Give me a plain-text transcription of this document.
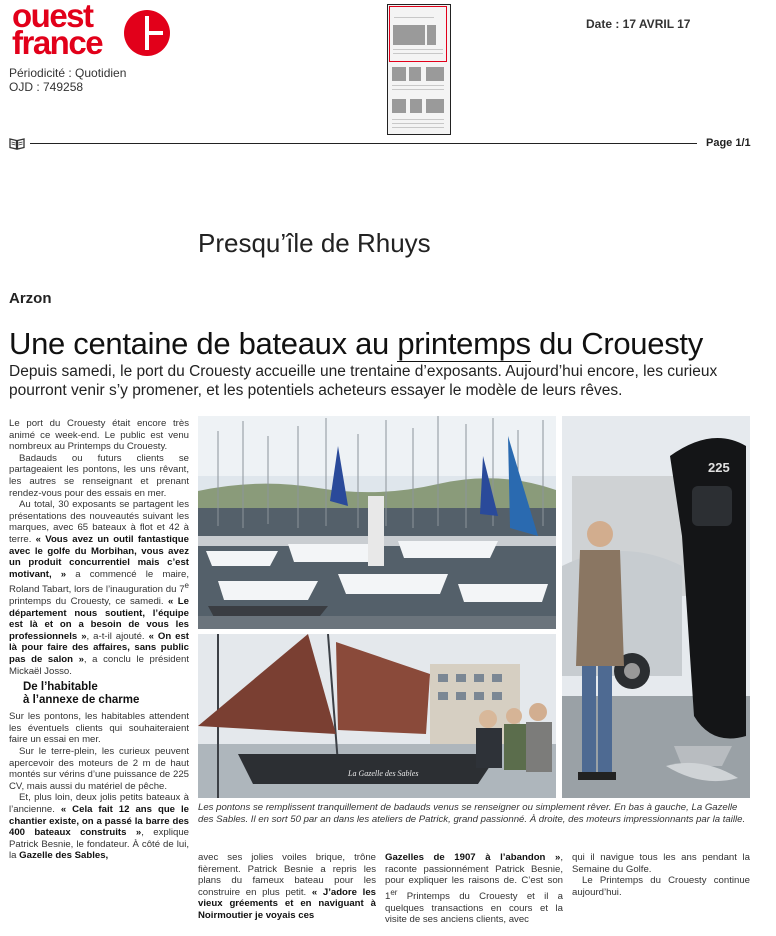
ouest
france
Périodicité : Quotidien
OJD : 749258
Date : 17 AVRIL 17
Page 1/1
Presqu’île de Rhuys
Arzon
Une centaine de bateaux au printemps du Crouesty
Depuis samedi, le port du Crouesty accueille une trentaine d’exposants. Aujourd’hui encore, les curieux pourront venir s’y promener, et les potentiels acheteurs essayer le modèle de leurs rêves.

Le port du Crouesty était encore très animé ce week-end. Le public est venu nombreux au Printemps du Crouesty.

Badauds ou futurs clients se partageaient les pontons, les uns rêvant, les autres se renseignant et prenant rendez-vous pour des essais en mer.

Au total, 30 exposants se partagent les présentations des nouveautés suivant les marques, avec 65 bateaux à flot et 42 à terre. « Vous avez un outil fantastique avec le golfe du Morbihan, vous avez un produit concurrentiel mais c’est motivant, » a commencé le maire, Roland Tabart, lors de l’inauguration du 7e printemps du Crouesty, ce samedi. « Le département nous soutient, l’équipe est là et on a besoin de vous les professionnels », a-t-il ajouté. « On est là pour faire des affaires, sans public pas de salon », a conclu le président Mickaël Josso.

De l’habitable
à l’annexe de charme

Sur les pontons, les habitables attendent les éventuels clients qui souhaiteraient faire un essai en mer.

Sur le terre-plein, les curieux peuvent apercevoir des moteurs de 2 m de haut montés sur vérins d’une puissance de 225 CV, mais aussi du matériel de pêche.

Et, plus loin, deux jolis petits bateaux à l’ancienne. « Cela fait 12 ans que le chantier existe, on a passé la barre des 400 bateaux construits », explique Patrick Besnie, le fondateur. À côté de lui, la Gazelle des Sables,

La Gazelle des Sables
225
Les pontons se remplissent tranquillement de badauds venus se renseigner ou simplement rêver. En bas à gauche, La Gazelle des Sables. Il en sort 50 par an dans les ateliers de Patrick, grand passionné. À droite, des moteurs impressionnants par la taille.

avec ses jolies voiles brique, trône fièrement. Patrick Besnie a repris les plans du fameux bateau pour les construire en plus petit. « J’adore les vieux gréements et en naviguant à Noirmoutier je voyais ces

Gazelles de 1907 à l’abandon », raconte passionnément Patrick Besnie, pour expliquer les raisons de. C’est son 1er Printemps du Crouesty et il a quelques transactions en cours et la visite de ses anciens clients, avec

qui il navigue tous les ans pendant la Semaine du Golfe.

Le Printemps du Crouesty continue aujourd’hui.
